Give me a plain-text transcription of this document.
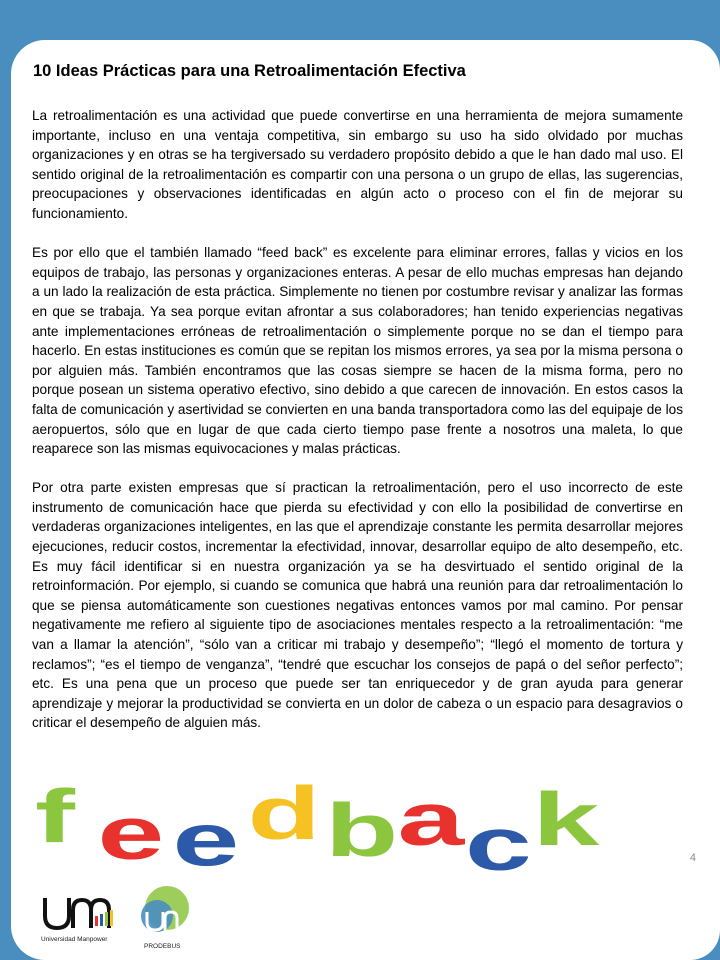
10 Ideas Prácticas para una Retroalimentación Efectiva

La retroalimentación es una actividad que puede convertirse en una herramienta de mejora sumamente importante, incluso en una ventaja competitiva, sin embargo su uso ha sido olvidado por muchas organizaciones y en otras se ha tergiversado su verdadero propósito debido a que le han dado mal uso. El sentido original de la retroalimentación es compartir con una persona o un grupo de ellas, las sugerencias, preocupaciones y observaciones identificadas en algún acto o proceso con el fin de mejorar su funcionamiento.

Es por ello que el también llamado “feed back” es excelente para eliminar errores, fallas y vicios en los equipos de trabajo, las personas y organizaciones enteras. A pesar de ello muchas empresas han dejando a un lado la realización de esta práctica. Simplemente no tienen por costumbre revisar y analizar las formas en que se trabaja. Ya sea porque evitan afrontar a sus colaboradores; han tenido experiencias negativas ante implementaciones erróneas de retroalimentación o simplemente porque no se dan el tiempo para hacerlo. En estas instituciones es común que se repitan los mismos errores, ya sea por la misma persona o por alguien más. También encontramos que las cosas siempre se hacen de la misma forma, pero no porque posean un sistema operativo efectivo, sino debido a que carecen de innovación. En estos casos la falta de comunicación y asertividad se convierten en una banda transportadora como las del equipaje de los aeropuertos, sólo que en lugar de que cada cierto tiempo pase frente a nosotros una maleta, lo que reaparece son las mismas equivocaciones y malas prácticas.

Por otra parte existen empresas que sí practican la retroalimentación, pero el uso incorrecto de este instrumento de comunicación hace que pierda su efectividad y con ello la posibilidad de convertirse en verdaderas organizaciones inteligentes, en las que el aprendizaje constante les permita desarrollar mejores ejecuciones, reducir costos, incrementar la efectividad, innovar, desarrollar equipo de alto desempeño, etc. Es muy fácil identificar si en nuestra organización ya se ha desvirtuado el sentido original de la retroinformación. Por ejemplo, si cuando se comunica que habrá una reunión para dar retroalimentación lo que se piensa automáticamente son cuestiones negativas entonces vamos por mal camino. Por pensar negativamente me refiero al siguiente tipo de asociaciones mentales respecto a la retroalimentación: “me van a llamar la atención”, “sólo van a criticar mi trabajo y desempeño”; “llegó el momento de tortura y reclamos”; “es el tiempo de venganza”, “tendré que escuchar los consejos de papá o del señor perfecto”; etc. Es una pena que un proceso que puede ser tan enriquecedor y de gran ayuda para generar aprendizaje y mejorar la productividad se convierta en un dolor de cabeza o un espacio para desagravios o criticar el desempeño de alguien más.

f e e d b a c k	4
Universidad Manpower
PRODEBUS
